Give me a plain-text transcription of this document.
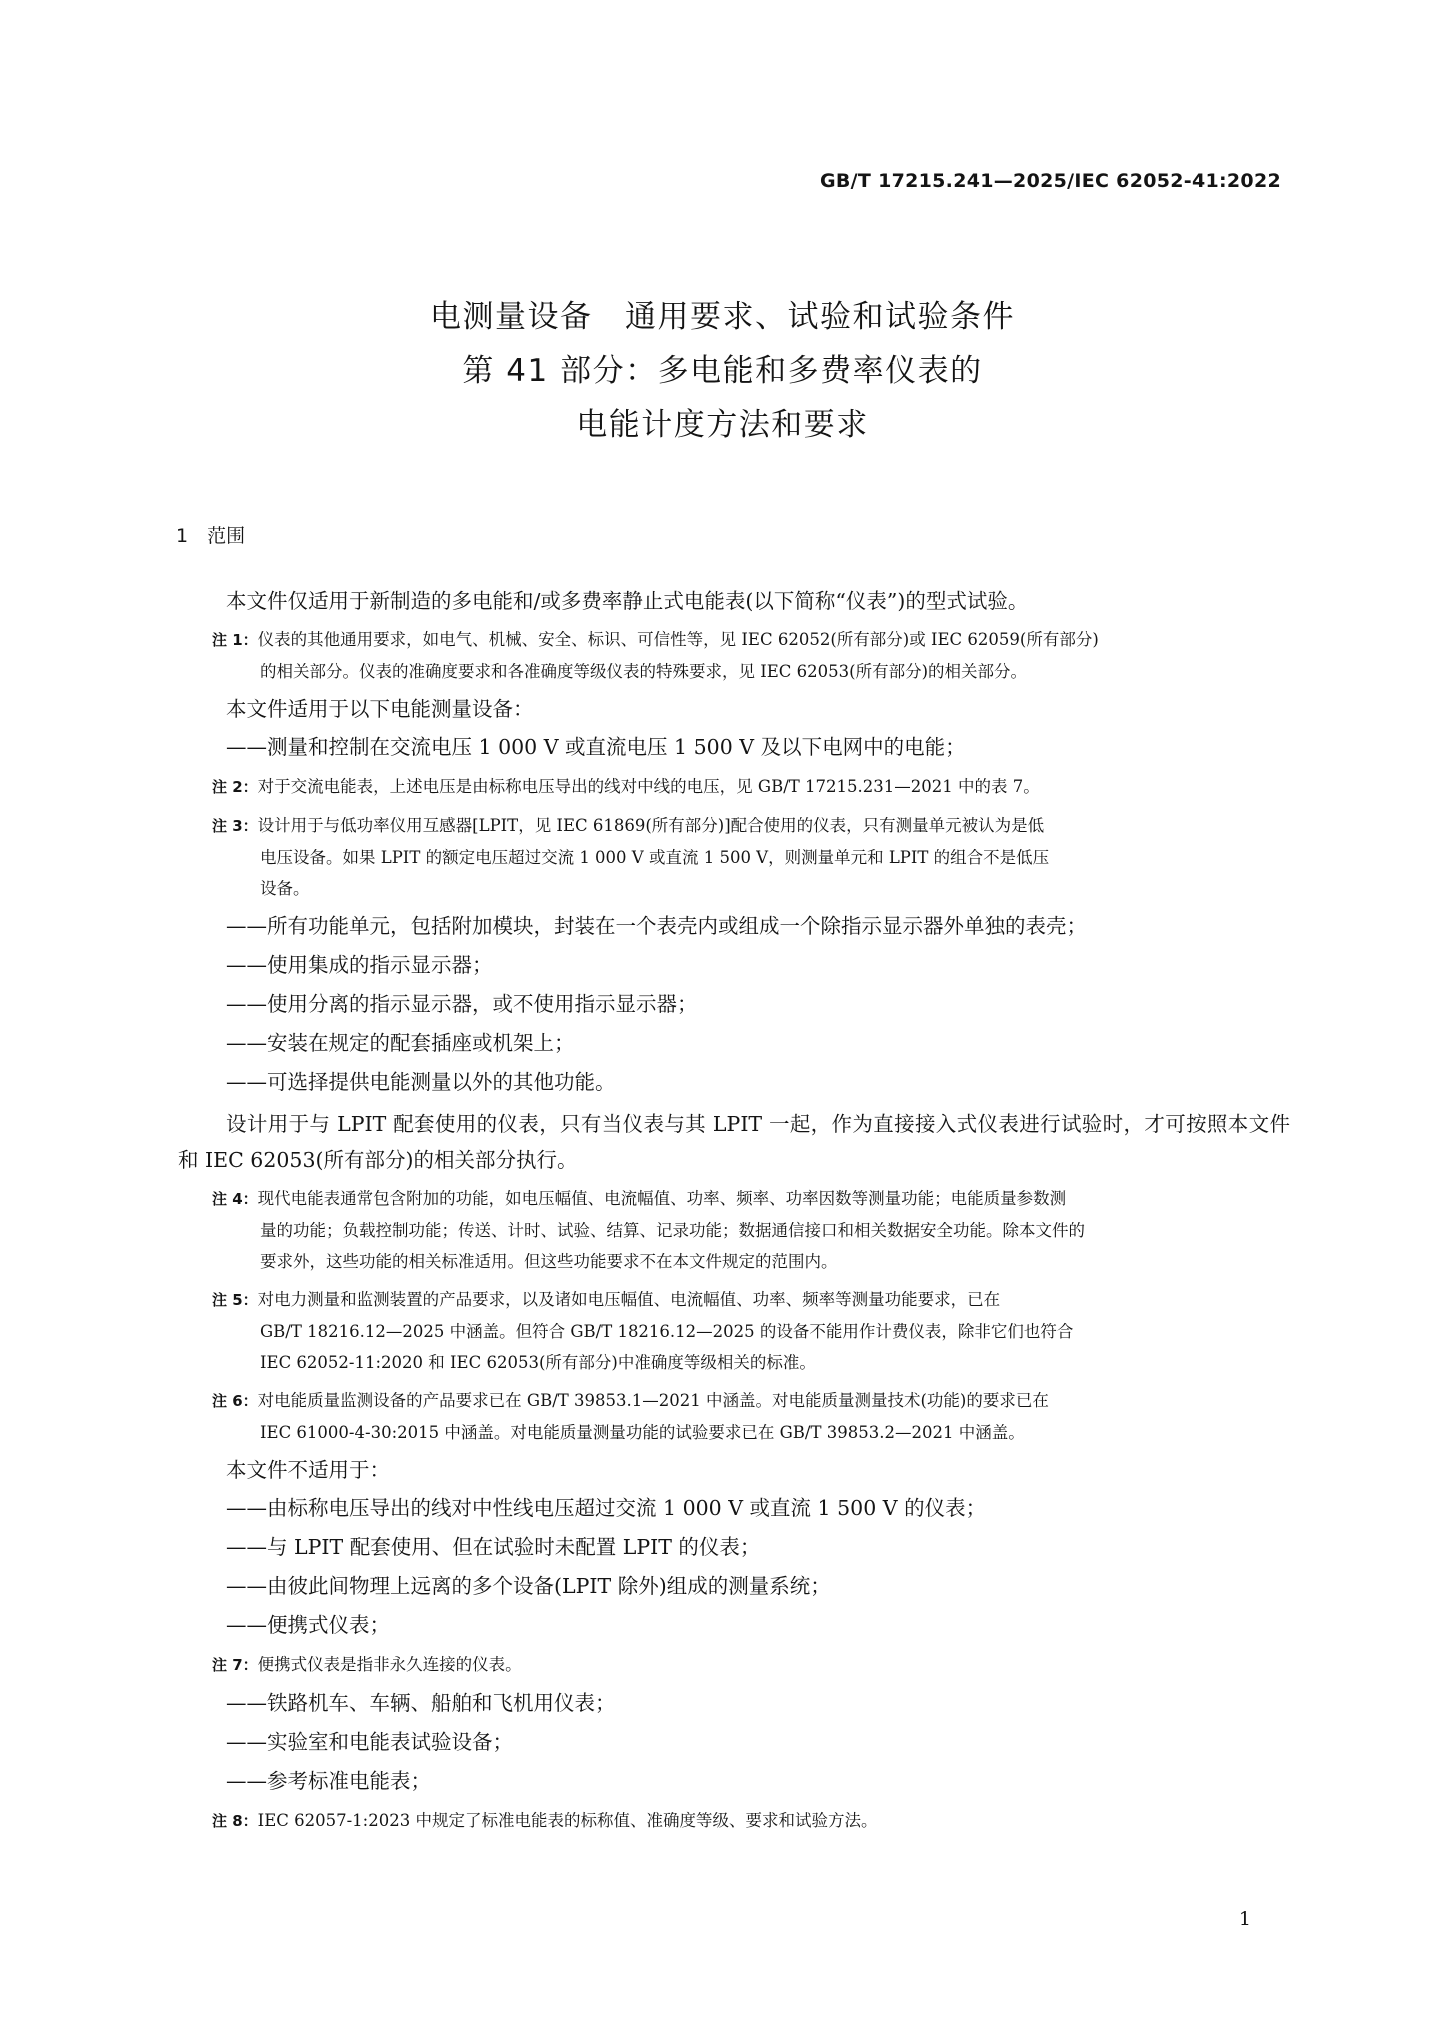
GB/T 17215.241—2025/IEC 62052-41:2022
电测量设备　通用要求、试验和试验条件
第 41 部分：多电能和多费率仪表的
电能计度方法和要求
1　范围
本文件仅适用于新制造的多电能和/或多费率静止式电能表(以下简称“仪表”)的型式试验。
注 1：仪表的其他通用要求，如电气、机械、安全、标识、可信性等，见 IEC 62052(所有部分)或 IEC 62059(所有部分)
的相关部分。仪表的准确度要求和各准确度等级仪表的特殊要求，见 IEC 62053(所有部分)的相关部分。
本文件适用于以下电能测量设备：
——测量和控制在交流电压 1 000 V 或直流电压 1 500 V 及以下电网中的电能；
注 2：对于交流电能表，上述电压是由标称电压导出的线对中线的电压，见 GB/T 17215.231—2021 中的表 7。
注 3：设计用于与低功率仪用互感器[LPIT，见 IEC 61869(所有部分)]配合使用的仪表，只有测量单元被认为是低
电压设备。如果 LPIT 的额定电压超过交流 1 000 V 或直流 1 500 V，则测量单元和 LPIT 的组合不是低压
设备。
——所有功能单元，包括附加模块，封装在一个表壳内或组成一个除指示显示器外单独的表壳；
——使用集成的指示显示器；
——使用分离的指示显示器，或不使用指示显示器；
——安装在规定的配套插座或机架上；
——可选择提供电能测量以外的其他功能。
设计用于与 LPIT 配套使用的仪表，只有当仪表与其 LPIT 一起，作为直接接入式仪表进行试验时，才可按照本文件和 IEC 62053(所有部分)的相关部分执行。
注 4：现代电能表通常包含附加的功能，如电压幅值、电流幅值、功率、频率、功率因数等测量功能；电能质量参数测
量的功能；负载控制功能；传送、计时、试验、结算、记录功能；数据通信接口和相关数据安全功能。除本文件的
要求外，这些功能的相关标准适用。但这些功能要求不在本文件规定的范围内。
注 5：对电力测量和监测装置的产品要求，以及诸如电压幅值、电流幅值、功率、频率等测量功能要求，已在
GB/T 18216.12—2025 中涵盖。但符合 GB/T 18216.12—2025 的设备不能用作计费仪表，除非它们也符合
IEC 62052-11:2020 和 IEC 62053(所有部分)中准确度等级相关的标准。
注 6：对电能质量监测设备的产品要求已在 GB/T 39853.1—2021 中涵盖。对电能质量测量技术(功能)的要求已在
IEC 61000-4-30:2015 中涵盖。对电能质量测量功能的试验要求已在 GB/T 39853.2—2021 中涵盖。
本文件不适用于：
——由标称电压导出的线对中性线电压超过交流 1 000 V 或直流 1 500 V 的仪表；
——与 LPIT 配套使用、但在试验时未配置 LPIT 的仪表；
——由彼此间物理上远离的多个设备(LPIT 除外)组成的测量系统；
——便携式仪表；
注 7：便携式仪表是指非永久连接的仪表。
——铁路机车、车辆、船舶和飞机用仪表；
——实验室和电能表试验设备；
——参考标准电能表；
注 8：IEC 62057-1:2023 中规定了标准电能表的标称值、准确度等级、要求和试验方法。
1
